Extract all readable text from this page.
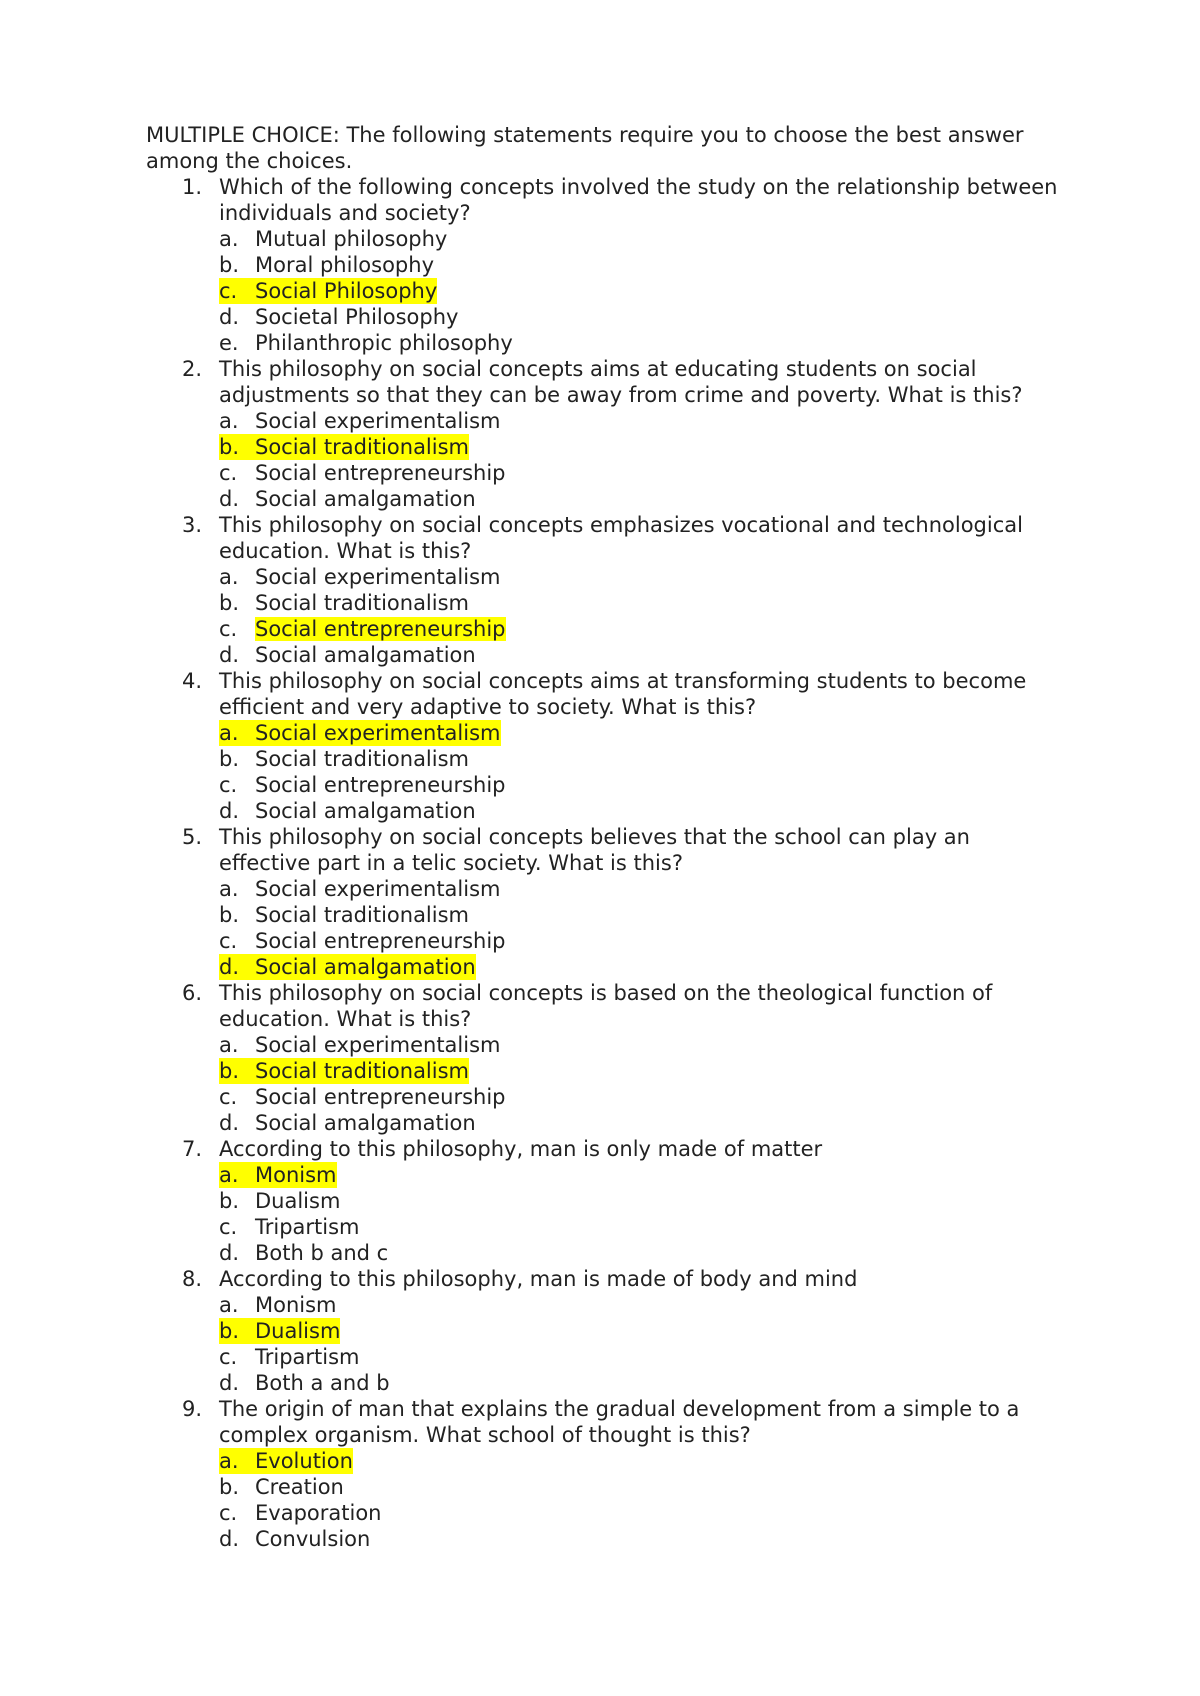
MULTIPLE CHOICE: The following statements require you to choose the best answer among the choices.

1. Which of the following concepts involved the study on the relationship between individuals and society?
a. Mutual philosophy
b. Moral philosophy
c. Social Philosophy
d. Societal Philosophy
e. Philanthropic philosophy
2. This philosophy on social concepts aims at educating students on social adjustments so that they can be away from crime and poverty. What is this?
a. Social experimentalism
b. Social traditionalism
c. Social entrepreneurship
d. Social amalgamation
3. This philosophy on social concepts emphasizes vocational and technological education. What is this?
a. Social experimentalism
b. Social traditionalism
c. Social entrepreneurship
d. Social amalgamation
4. This philosophy on social concepts aims at transforming students to become efficient and very adaptive to society. What is this?
a. Social experimentalism
b. Social traditionalism
c. Social entrepreneurship
d. Social amalgamation
5. This philosophy on social concepts believes that the school can play an effective part in a telic society. What is this?
a. Social experimentalism
b. Social traditionalism
c. Social entrepreneurship
d. Social amalgamation
6. This philosophy on social concepts is based on the theological function of education. What is this?
a. Social experimentalism
b. Social traditionalism
c. Social entrepreneurship
d. Social amalgamation
7. According to this philosophy, man is only made of matter
a. Monism
b. Dualism
c. Tripartism
d. Both b and c
8. According to this philosophy, man is made of body and mind
a. Monism
b. Dualism
c. Tripartism
d. Both a and b
9. The origin of man that explains the gradual development from a simple to a complex organism. What school of thought is this?
a. Evolution
b. Creation
c. Evaporation
d. Convulsion
